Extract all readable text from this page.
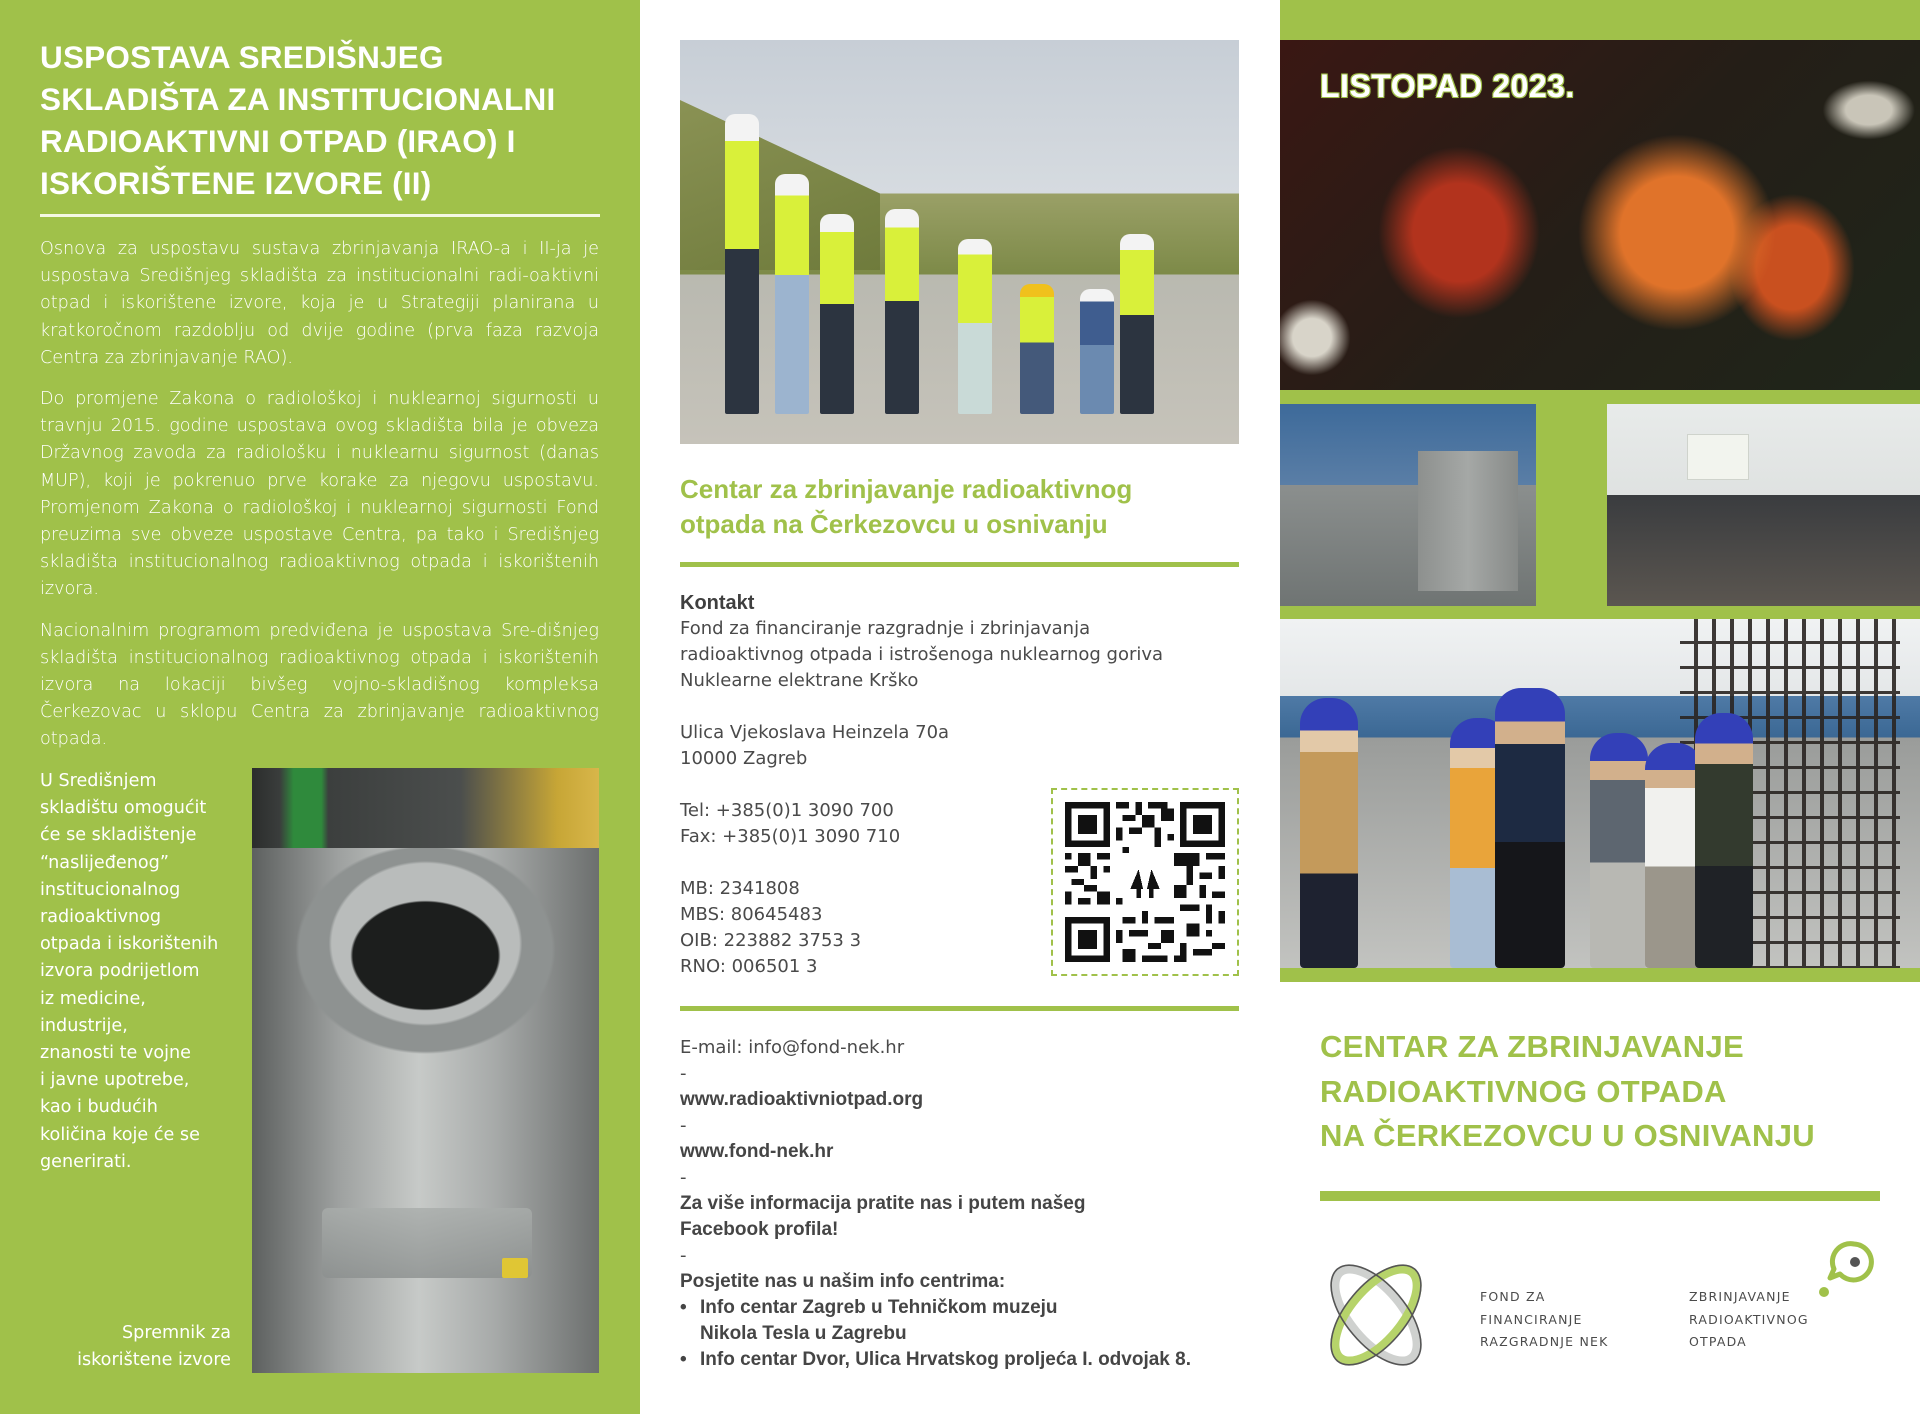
USPOSTAVA SREDIŠNJEG
SKLADIŠTA ZA INSTITUCIONALNI
RADIOAKTIVNI OTPAD (IRAO) I
ISKORIŠTENE IZVORE (II)

Osnova za uspostavu sustava zbrinjavanja IRAO-a i II-ja je uspostava Središnjeg skladišta za institucionalni radi-oaktivni otpad i iskorištene izvore, koja je u Strategiji planirana u kratkoročnom razdoblju od dvije godine (prva faza razvoja Centra za zbrinjavanje RAO).

Do promjene Zakona o radiološkoj i nuklearnoj sigurnosti u travnju 2015. godine uspostava ovog skladišta bila je obveza Državnog zavoda za radiološku i nuklearnu sigurnost (danas MUP), koji je pokrenuo prve korake za njegovu uspostavu. Promjenom Zakona o radiološkoj i nuklearnoj sigurnosti Fond preuzima sve obveze uspostave Centra, pa tako i Središnjeg skladišta institucionalnog radioaktivnog otpada i iskorištenih izvora.

Nacionalnim programom predviđena je uspostava Sre-dišnjeg skladišta institucionalnog radioaktivnog otpada i iskorištenih izvora na lokaciji bivšeg vojno-skladišnog kompleksa Čerkezovac u sklopu Centra za zbrinjavanje radioaktivnog otpada.

U Središnjem
skladištu omogućit
će se skladištenje
“naslijeđenog”
institucionalnog
radioaktivnog
otpada i iskorištenih
izvora podrijetlom
iz medicine,
industrije,
znanosti te vojne
i javne upotrebe,
kao i budućih
količina koje će se
generirati.
Spremnik za
iskorištene izvore
Centar za zbrinjavanje radioaktivnog
otpada na Čerkezovcu u osnivanju
Kontakt
Fond za financiranje razgradnje i zbrinjavanja
radioaktivnog otpada i istrošenoga nuklearnog goriva
Nuklearne elektrane Krško
Ulica Vjekoslava Heinzela 70a
10000 Zagreb
Tel: +385(0)1 3090 700
Fax: +385(0)1 3090 710
MB: 2341808
MBS: 80645483
OIB: 223882 3753 3
RNO: 006501 3
E-mail: info@fond-nek.hr
-
www.radioaktivniotpad.org
-
www.fond-nek.hr
-
Za više informacija pratite nas i putem našeg
Facebook profila!
-
Posjetite nas u našim info centrima:
• Info centar Zagreb u Tehničkom muzeju
Nikola Tesla u Zagrebu
• Info centar Dvor, Ulica Hrvatskog proljeća I. odvojak 8.
LISTOPAD 2023.
CENTAR ZA ZBRINJAVANJE
RADIOAKTIVNOG OTPADA
NA ČERKEZOVCU U OSNIVANJU
FOND ZA
FINANCIRANJE
RAZGRADNJE NEK
ZBRINJAVANJE
RADIOAKTIVNOG
OTPADA
